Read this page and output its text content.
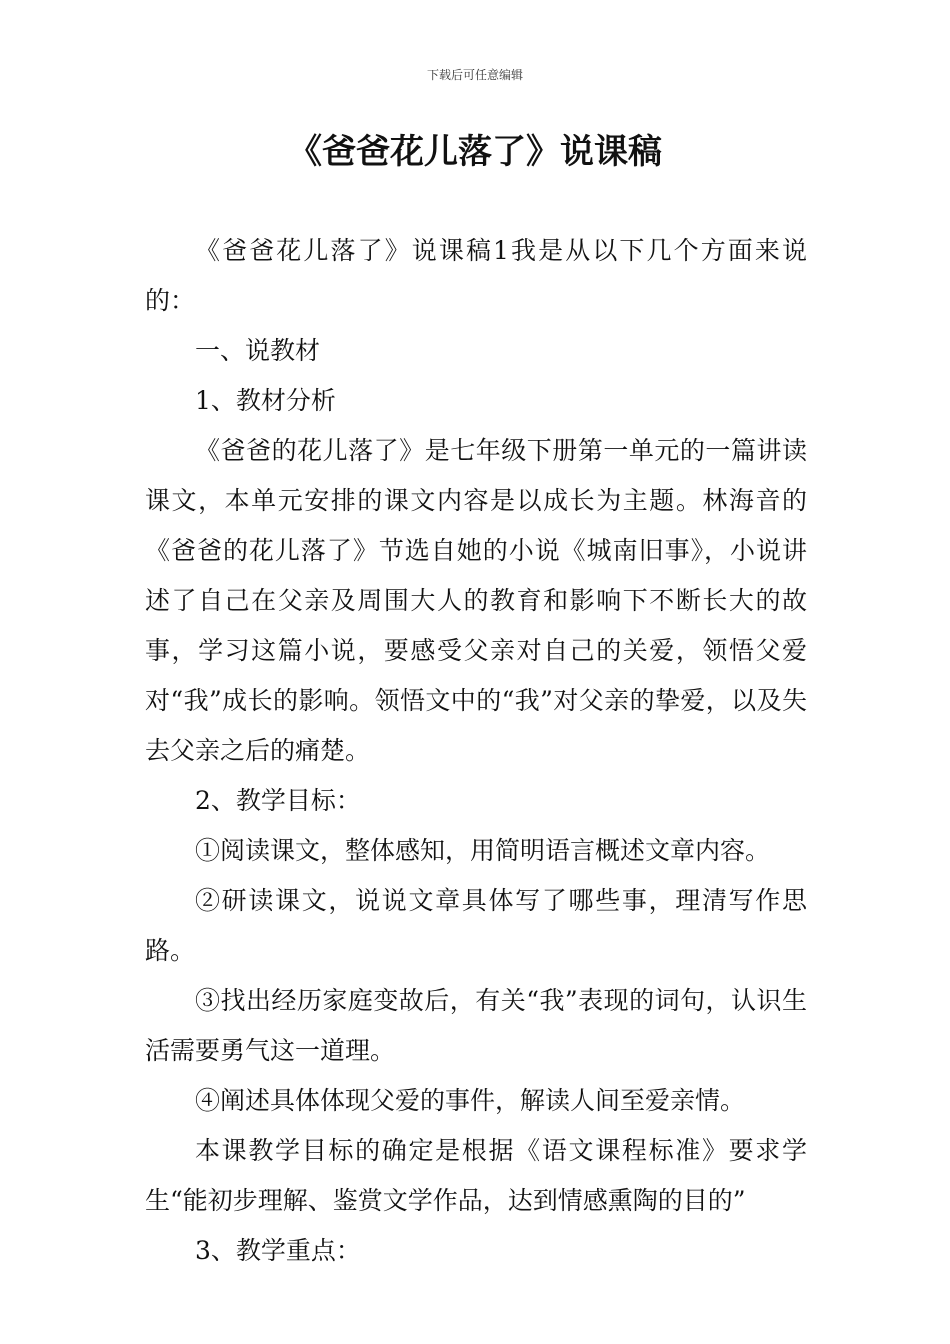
下载后可任意编辑
《爸爸花儿落了》说课稿

《爸爸花儿落了》说课稿1我是从以下几个方面来说的：

一、说教材

1、教材分析

《爸爸的花儿落了》是七年级下册第一单元的一篇讲读课文，本单元安排的课文内容是以成长为主题。林海音的《爸爸的花儿落了》节选自她的小说《城南旧事》，小说讲述了自己在父亲及周围大人的教育和影响下不断长大的故事，学习这篇小说，要感受父亲对自己的关爱，领悟父爱对“我”成长的影响。领悟文中的“我”对父亲的挚爱，以及失去父亲之后的痛楚。

2、教学目标：

①阅读课文，整体感知，用简明语言概述文章内容。

②研读课文，说说文章具体写了哪些事，理清写作思路。

③找出经历家庭变故后，有关“我”表现的词句，认识生活需要勇气这一道理。

④阐述具体体现父爱的事件，解读人间至爱亲情。

本课教学目标的确定是根据《语文课程标准》要求学生“能初步理解、鉴赏文学作品，达到情感熏陶的目的”

3、教学重点：
